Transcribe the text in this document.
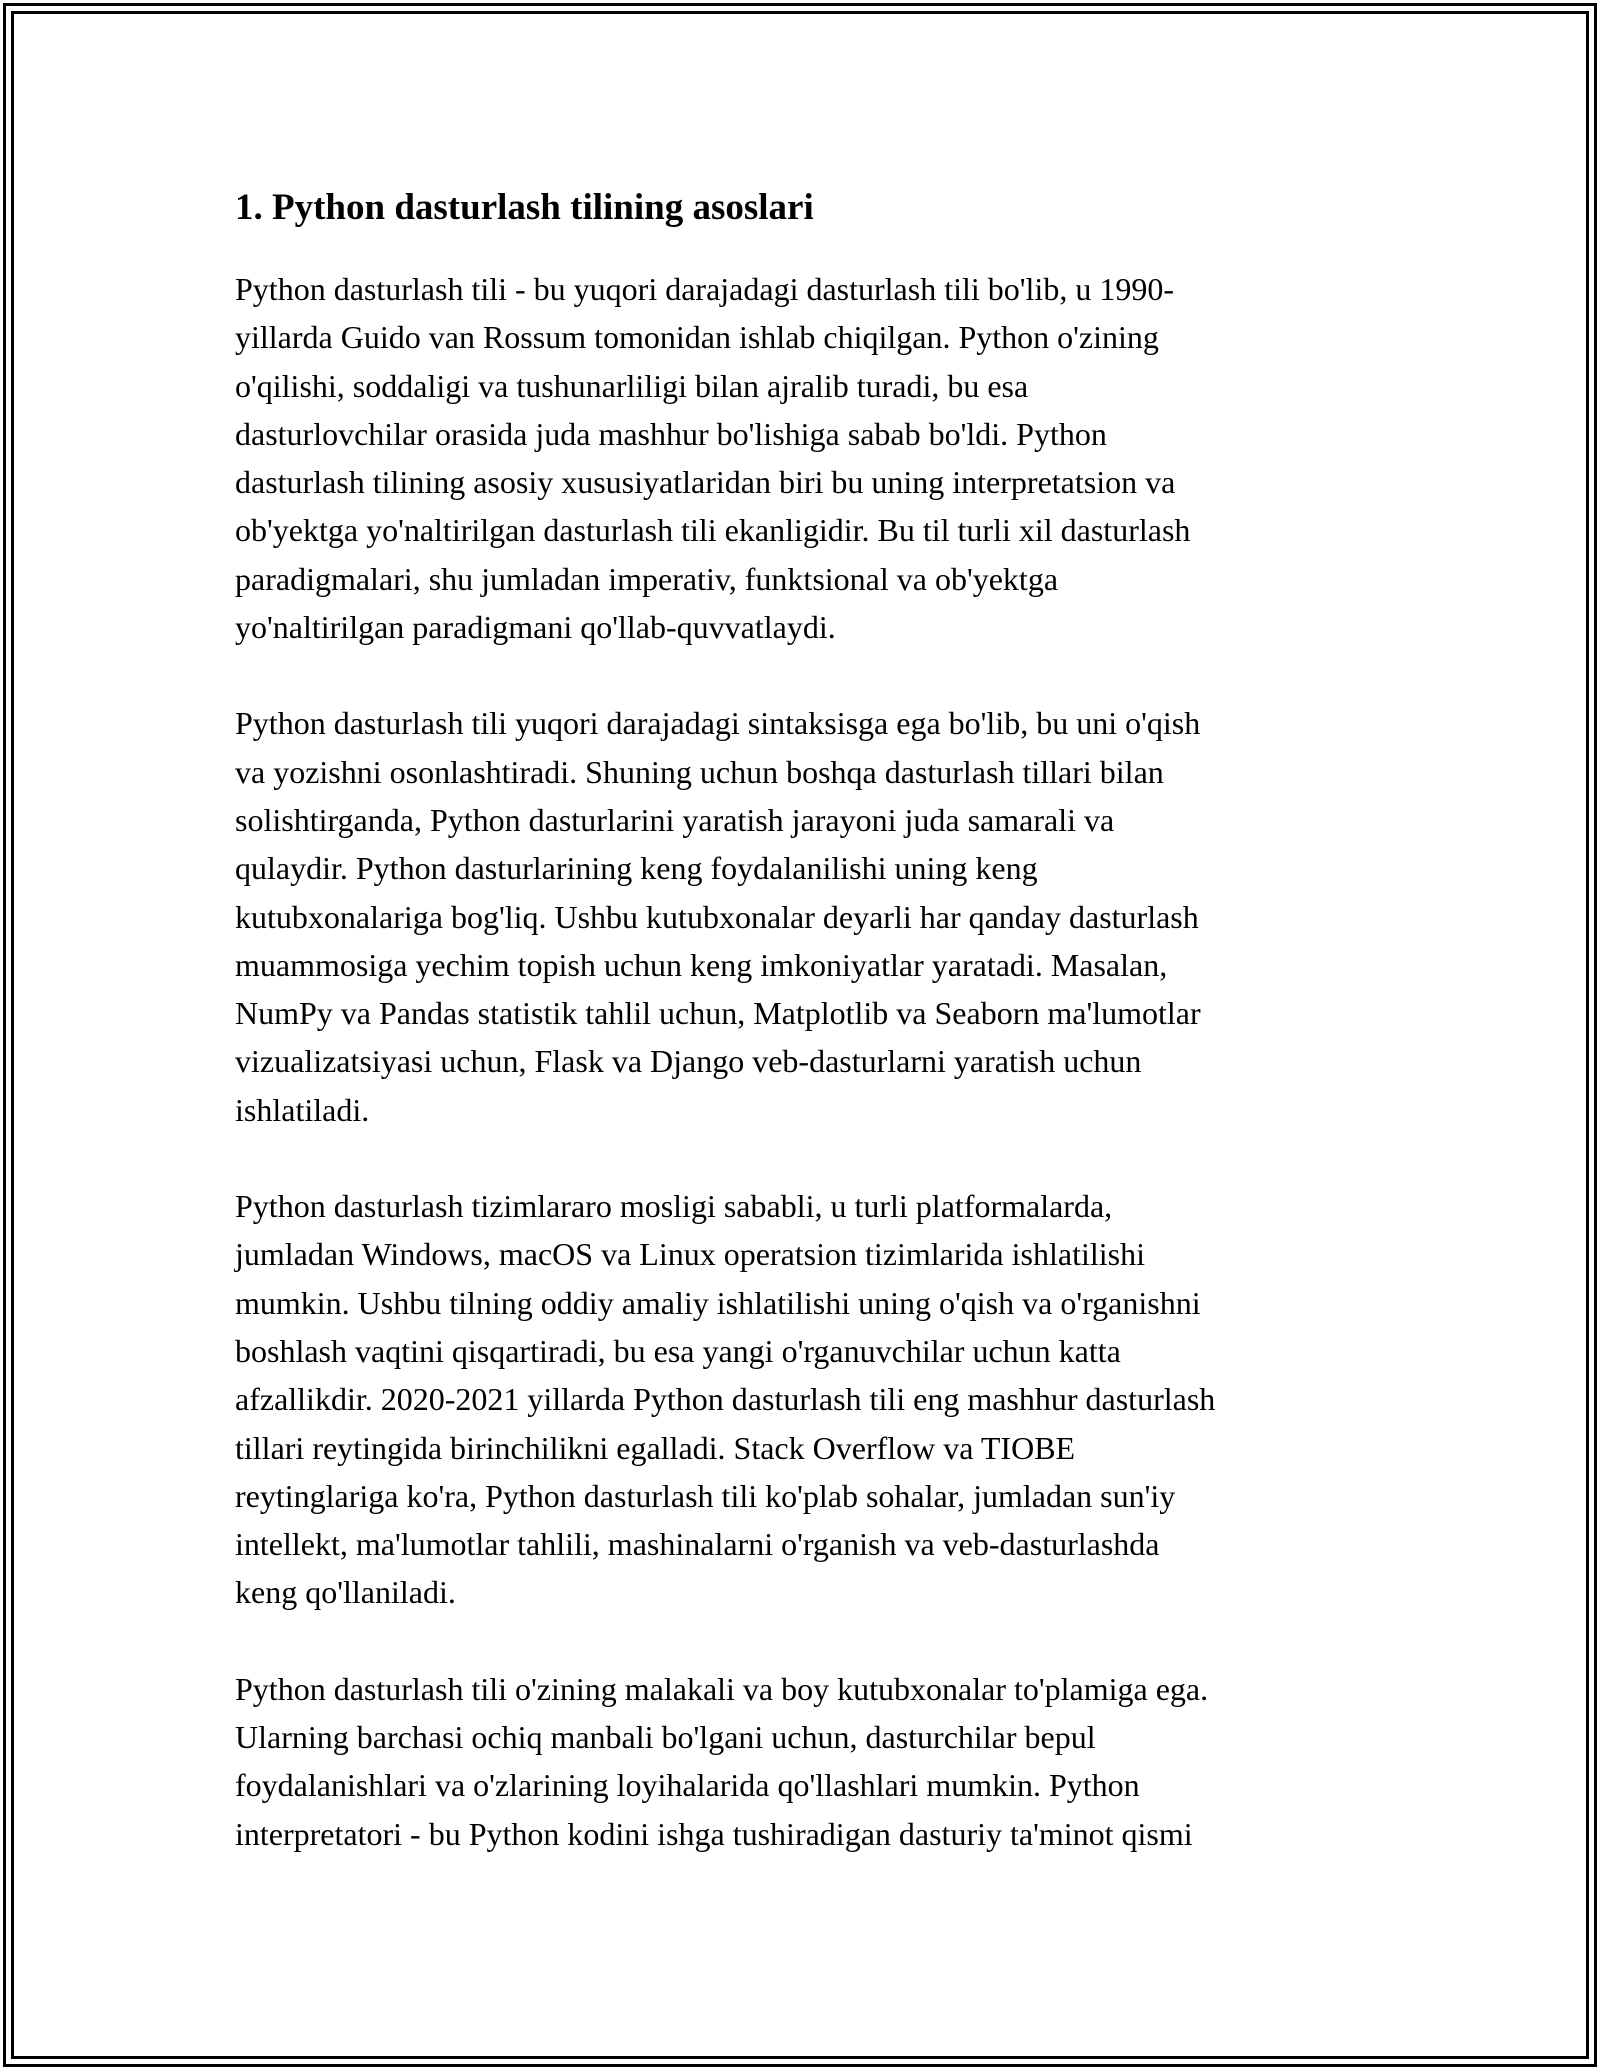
1. Python dasturlash tilining asoslari

Python dasturlash tili - bu yuqori darajadagi dasturlash tili bo'lib, u 1990-
yillarda Guido van Rossum tomonidan ishlab chiqilgan. Python o'zining
o'qilishi, soddaligi va tushunarliligi bilan ajralib turadi, bu esa
dasturlovchilar orasida juda mashhur bo'lishiga sabab bo'ldi. Python
dasturlash tilining asosiy xususiyatlaridan biri bu uning interpretatsion va
ob'yektga yo'naltirilgan dasturlash tili ekanligidir. Bu til turli xil dasturlash
paradigmalari, shu jumladan imperativ, funktsional va ob'yektga
yo'naltirilgan paradigmani qo'llab-quvvatlaydi.

Python dasturlash tili yuqori darajadagi sintaksisga ega bo'lib, bu uni o'qish
va yozishni osonlashtiradi. Shuning uchun boshqa dasturlash tillari bilan
solishtirganda, Python dasturlarini yaratish jarayoni juda samarali va
qulaydir. Python dasturlarining keng foydalanilishi uning keng
kutubxonalariga bog'liq. Ushbu kutubxonalar deyarli har qanday dasturlash
muammosiga yechim topish uchun keng imkoniyatlar yaratadi. Masalan,
NumPy va Pandas statistik tahlil uchun, Matplotlib va Seaborn ma'lumotlar
vizualizatsiyasi uchun, Flask va Django veb-dasturlarni yaratish uchun
ishlatiladi.

Python dasturlash tizimlararo mosligi sababli, u turli platformalarda,
jumladan Windows, macOS va Linux operatsion tizimlarida ishlatilishi
mumkin. Ushbu tilning oddiy amaliy ishlatilishi uning o'qish va o'rganishni
boshlash vaqtini qisqartiradi, bu esa yangi o'rganuvchilar uchun katta
afzallikdir. 2020-2021 yillarda Python dasturlash tili eng mashhur dasturlash
tillari reytingida birinchilikni egalladi. Stack Overflow va TIOBE
reytinglariga ko'ra, Python dasturlash tili ko'plab sohalar, jumladan sun'iy
intellekt, ma'lumotlar tahlili, mashinalarni o'rganish va veb-dasturlashda
keng qo'llaniladi.

Python dasturlash tili o'zining malakali va boy kutubxonalar to'plamiga ega.
Ularning barchasi ochiq manbali bo'lgani uchun, dasturchilar bepul
foydalanishlari va o'zlarining loyihalarida qo'llashlari mumkin. Python
interpretatori - bu Python kodini ishga tushiradigan dasturiy ta'minot qismi
